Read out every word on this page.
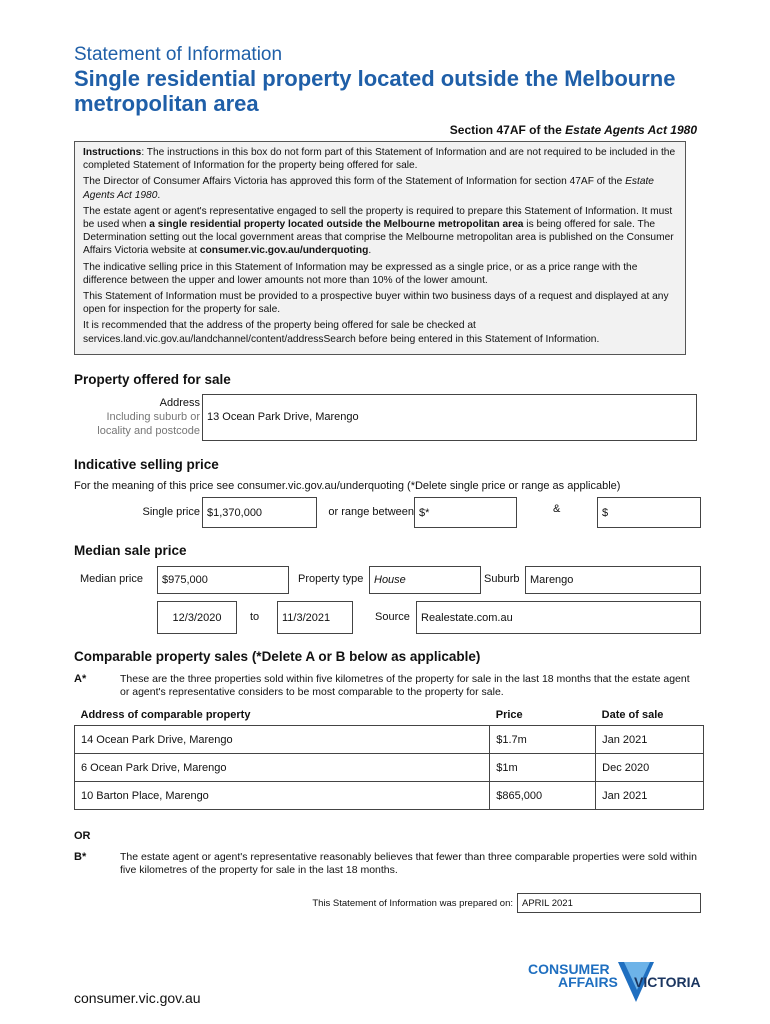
Statement of Information
Single residential property located outside the Melbourne metropolitan area
Section 47AF of the Estate Agents Act 1980

Instructions: The instructions in this box do not form part of this Statement of Information and are not required to be included in the completed Statement of Information for the property being offered for sale.

The Director of Consumer Affairs Victoria has approved this form of the Statement of Information for section 47AF of the Estate Agents Act 1980.

The estate agent or agent's representative engaged to sell the property is required to prepare this Statement of Information. It must be used when a single residential property located outside the Melbourne metropolitan area is being offered for sale. The Determination setting out the local government areas that comprise the Melbourne metropolitan area is published on the Consumer Affairs Victoria website at consumer.vic.gov.au/underquoting.

The indicative selling price in this Statement of Information may be expressed as a single price, or as a price range with the difference between the upper and lower amounts not more than 10% of the lower amount.

This Statement of Information must be provided to a prospective buyer within two business days of a request and displayed at any open for inspection for the property for sale.

It is recommended that the address of the property being offered for sale be checked at services.land.vic.gov.au/landchannel/content/addressSearch before being entered in this Statement of Information.

Property offered for sale
Address
Including suburb or
locality and postcode
13 Ocean Park Drive, Marengo
Indicative selling price
For the meaning of this price see consumer.vic.gov.au/underquoting (*Delete single price or range as applicable)
Single price $1,370,000	or range between $*	&	$
Median sale price
Median price	$975,000	Property type House	Suburb Marengo
12/3/2020	to	11/3/2021	Source	Realestate.com.au
Comparable property sales (*Delete A or B below as applicable)
A*	These are the three properties sold within five kilometres of the property for sale in the last 18 months that the estate agent or agent's representative considers to be most comparable to the property for sale.
Address of comparable property	Price	Date of sale
14 Ocean Park Drive, Marengo	$1.7m	Jan 2021
6 Ocean Park Drive, Marengo	$1m	Dec 2020
10 Barton Place, Marengo	$865,000	Jan 2021
OR
B*	The estate agent or agent's representative reasonably believes that fewer than three comparable properties were sold within five kilometres of the property for sale in the last 18 months.
This Statement of Information was prepared on: APRIL 2021
consumer.vic.gov.au
CONSUMER
AFFAIRS VICTORIA
